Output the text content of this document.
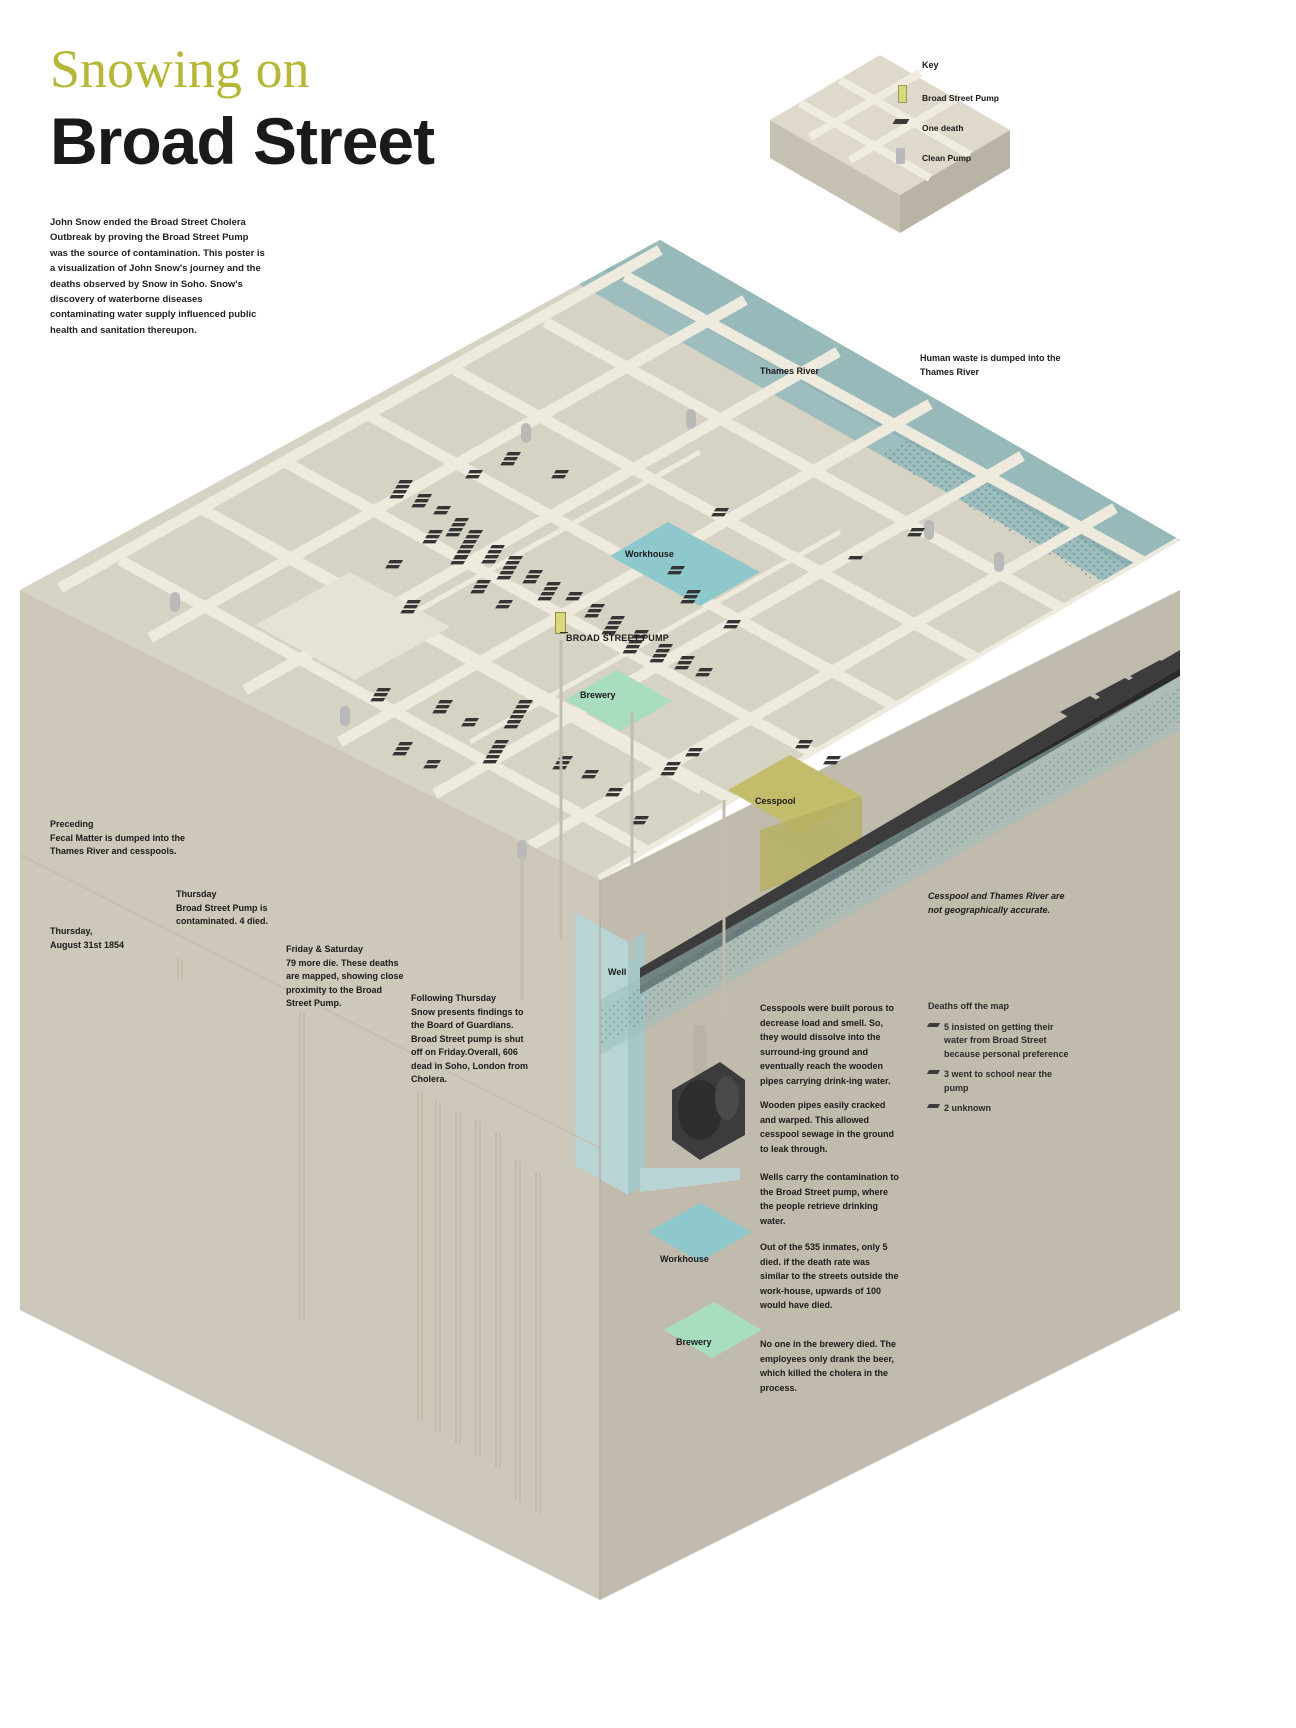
Key
Broad Street Pump
One death
Clean Pump
Snowing on
Broad Street
John Snow ended the Broad Street Cholera Outbreak by proving the Broad Street Pump was the source of contamination. This poster is a visualization of John Snow's journey and the deaths observed by Snow in Soho. Snow's discovery of waterborne diseases contaminating water supply influenced public health and sanitation thereupon.
Preceding
Fecal Matter is dumped into the Thames River and cesspools.
Thursday,
August 31st 1854
Thursday
Broad Street Pump is contaminated. 4 died.
Friday & Saturday
79 more die. These deaths are mapped, showing close proximity to the Broad Street Pump.	Following Thursday
Snow presents findings to the Board of Guardians. Broad Street pump is shut off on Friday.Overall, 606 dead in Soho, London from Cholera.
Thames River
Human waste is dumped into the Thames River
Workhouse
Brewery
Cesspool
BROAD STREET PUMP
Well
Workhouse
Brewery
Cesspool and Thames River are not geographically accurate.
Cesspools were built porous to decrease load and smell. So, they would dissolve into the surround-ing ground and eventually reach the wooden pipes carrying drink-ing water.
Wooden pipes easily cracked and warped. This allowed cesspool sewage in the ground to leak through.
Wells carry the contamination to the Broad Street pump, where the people retrieve drinking water.
Out of the 535 inmates, only 5 died. if the death rate was similar to the streets outside the work-house, upwards of 100 would have died.
No one in the brewery died. The employees only drank the beer, which killed the cholera in the process.
Deaths off the map
5 insisted on getting their water from Broad Street because personal preference
3 went to school near the pump
2 unknown
